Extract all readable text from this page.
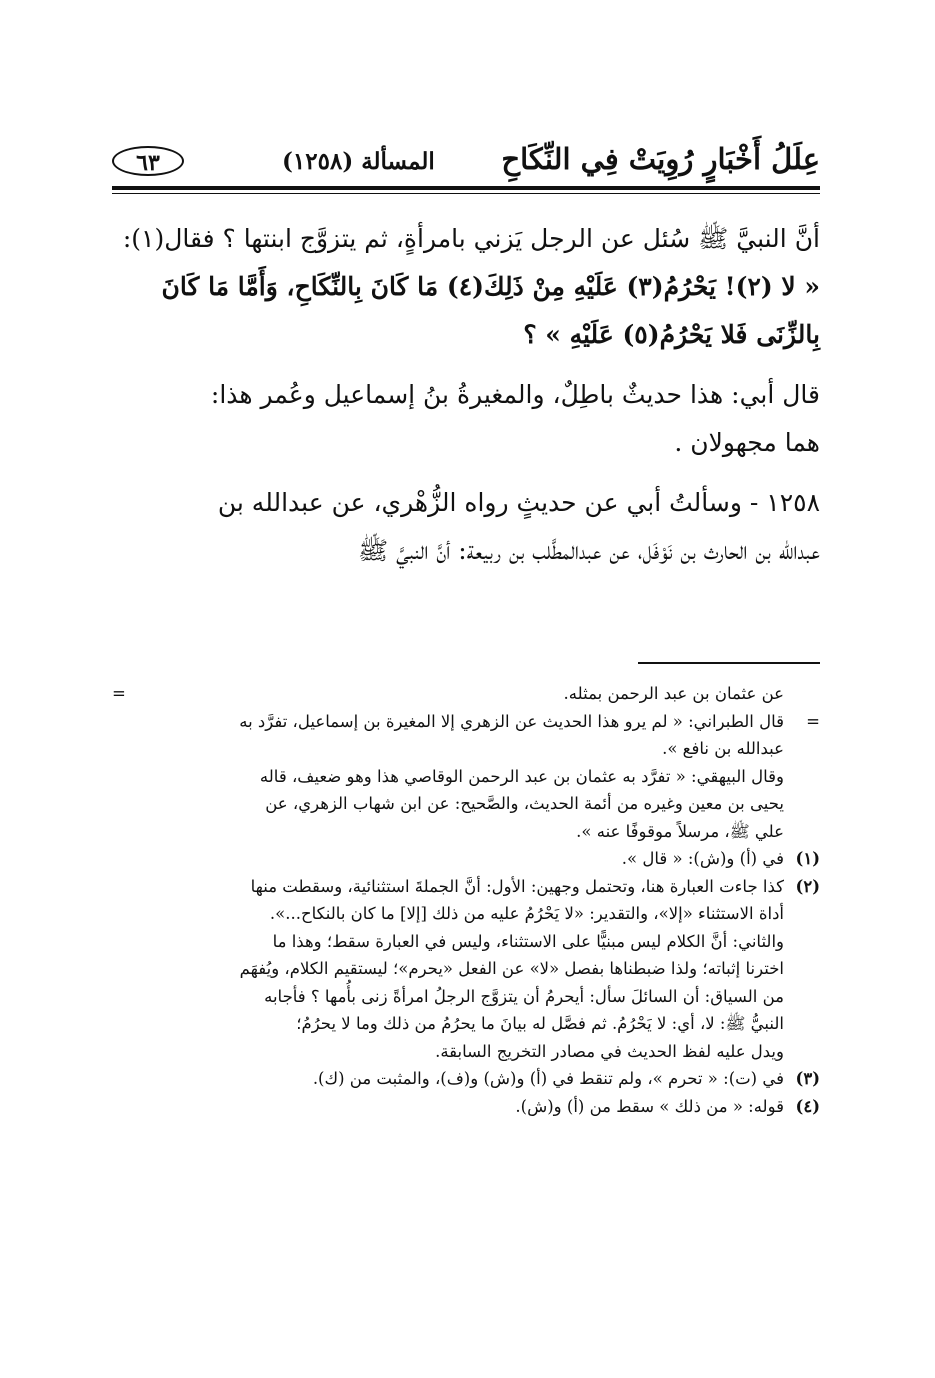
عِلَلُ أَخْبَارٍ رُوِيَتْ فِي النِّكَاحِ
المسألة (١٢٥٨)
٦٣

أنَّ النبيَّ ﷺ سُئل عن الرجل يَزني بامرأةٍ، ثم يتزوَّج ابنتها ؟ فقال(١):
« لا (٢)! يَحْرُمُ(٣) عَلَيْهِ مِنْ ذَلِكَ(٤) مَا كَانَ بِالنِّكَاحِ، وَأَمَّا مَا كَانَ
بِالزِّنَى فَلا يَحْرُمُ(٥) عَلَيْهِ » ؟

قال أبي: هذا حديثٌ باطِلٌ، والمغيرةُ بنُ إسماعيل وعُمر هذا:
هما مجهولان .

١٢٥٨ - وسألتُ أبي عن حديثٍ رواه الزُّهْري، عن عبدالله بن
عبدالله بن الحارث بن نَوْفَل، عن عبدالمطَّلب بن ربيعة: أنَّ النبيَّ ﷺ

عن عثمان بن عبد الرحمن بمثله.
=
=
قال الطبراني: « لم يرو هذا الحديث عن الزهري إلا المغيرة بن إسماعيل، تفرَّد به
عبدالله بن نافع ».
وقال البيهقي: « تفرَّد به عثمان بن عبد الرحمن الوقاصي هذا وهو ضعيف، قاله
يحيى بن معين وغيره من أئمة الحديث، والصَّحيح: عن ابن شهاب الزهري، عن
علي ﷺ، مرسلاً موقوفًا عنه ».
(١)
في (أ) و(ش): « قال ».
(٢)
كذا جاءت العبارة هنا، وتحتمل وجهين: الأول: أنَّ الجملةَ استثنائية، وسقطت منها
أداة الاستثناء «إلا»، والتقدير: «لا يَحْرُمُ عليه من ذلك [إلا] ما كان بالنكاح...».
والثاني: أنَّ الكلام ليس مبنيًّا على الاستثناء، وليس في العبارة سقط؛ وهذا ما
اخترنا إثباته؛ ولذا ضبطناها بفصل «لا» عن الفعل «يحرم»؛ ليستقيم الكلام، ويُفهَم
من السياق: أن السائلَ سأل: أيحرمُ أن يتزوَّج الرجلُ امرأةً زنى بأُمها ؟ فأجابه
النبيُّ ﷺ: لا، أي: لا يَحْرُمُ. ثم فصَّل له بيانَ ما يحرُمُ من ذلك وما لا يحرُمُ؛
ويدل عليه لفظ الحديث في مصادر التخريج السابقة.
(٣)
في (ت): « تحرم »، ولم تنقط في (أ) و(ش) و(ف)، والمثبت من (ك).
(٤)
قوله: « من ذلك » سقط من (أ) و(ش).
